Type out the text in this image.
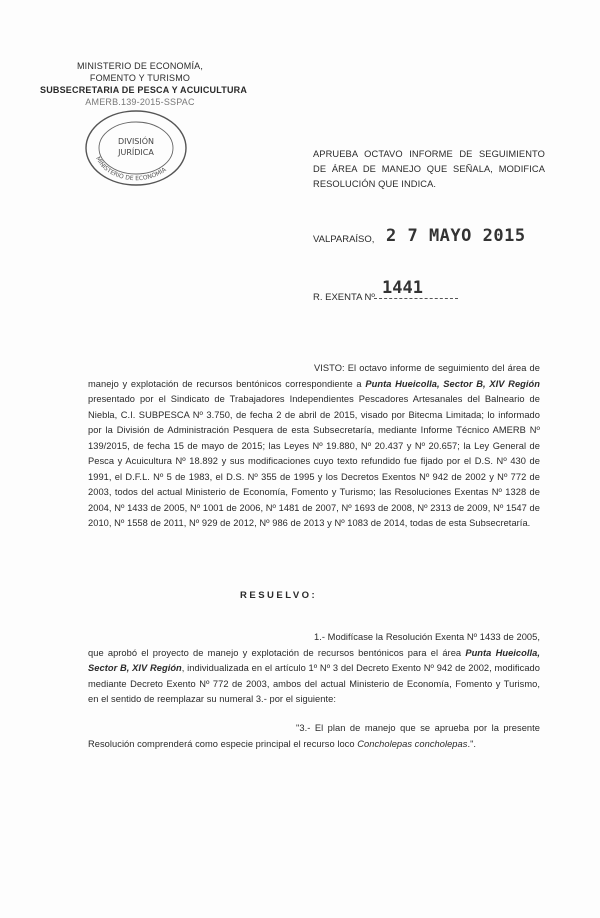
MINISTERIO DE ECONOMÍA,
FOMENTO Y TURISMO
SUBSECRETARIA DE PESCA Y ACUICULTURA
AMERB.139-2015-SSPAC
DIVISIÓN
JURÍDICA
MINISTERIO DE ECONOMÍA
APRUEBA OCTAVO INFORME DE SEGUIMIENTO DE ÁREA DE MANEJO QUE SEÑALA, MODIFICA RESOLUCIÓN QUE INDICA.
VALPARAÍSO, 2 7 MAYO 2015
R. EXENTA Nº 1441
VISTO: El octavo informe de seguimiento del área de manejo y explotación de recursos bentónicos correspondiente a Punta Hueicolla, Sector B, XIV Región presentado por el Sindicato de Trabajadores Independientes Pescadores Artesanales del Balneario de Niebla, C.I. SUBPESCA Nº 3.750, de fecha 2 de abril de 2015, visado por Bitecma Limitada; lo informado por la División de Administración Pesquera de esta Subsecretaría, mediante Informe Técnico AMERB Nº 139/2015, de fecha 15 de mayo de 2015; las Leyes Nº 19.880, Nº 20.437 y Nº 20.657; la Ley General de Pesca y Acuicultura Nº 18.892 y sus modificaciones cuyo texto refundido fue fijado por el D.S. Nº 430 de 1991, el D.F.L. Nº 5 de 1983, el D.S. Nº 355 de 1995 y los Decretos Exentos Nº 942 de 2002 y Nº 772 de 2003, todos del actual Ministerio de Economía, Fomento y Turismo; las Resoluciones Exentas Nº 1328 de 2004, Nº 1433 de 2005, Nº 1001 de 2006, Nº 1481 de 2007, Nº 1693 de 2008, Nº 2313 de 2009, Nº 1547 de 2010, Nº 1558 de 2011, Nº 929 de 2012, Nº 986 de 2013 y Nº 1083 de 2014, todas de esta Subsecretaría.
RESUELVO:
1.- Modifícase la Resolución Exenta Nº 1433 de 2005, que aprobó el proyecto de manejo y explotación de recursos bentónicos para el área Punta Hueicolla, Sector B, XIV Región, individualizada en el artículo 1º Nº 3 del Decreto Exento Nº 942 de 2002, modificado mediante Decreto Exento Nº 772 de 2003, ambos del actual Ministerio de Economía, Fomento y Turismo, en el sentido de reemplazar su numeral 3.- por el siguiente:
"3.- El plan de manejo que se aprueba por la presente Resolución comprenderá como especie principal el recurso loco Concholepas concholepas.".
